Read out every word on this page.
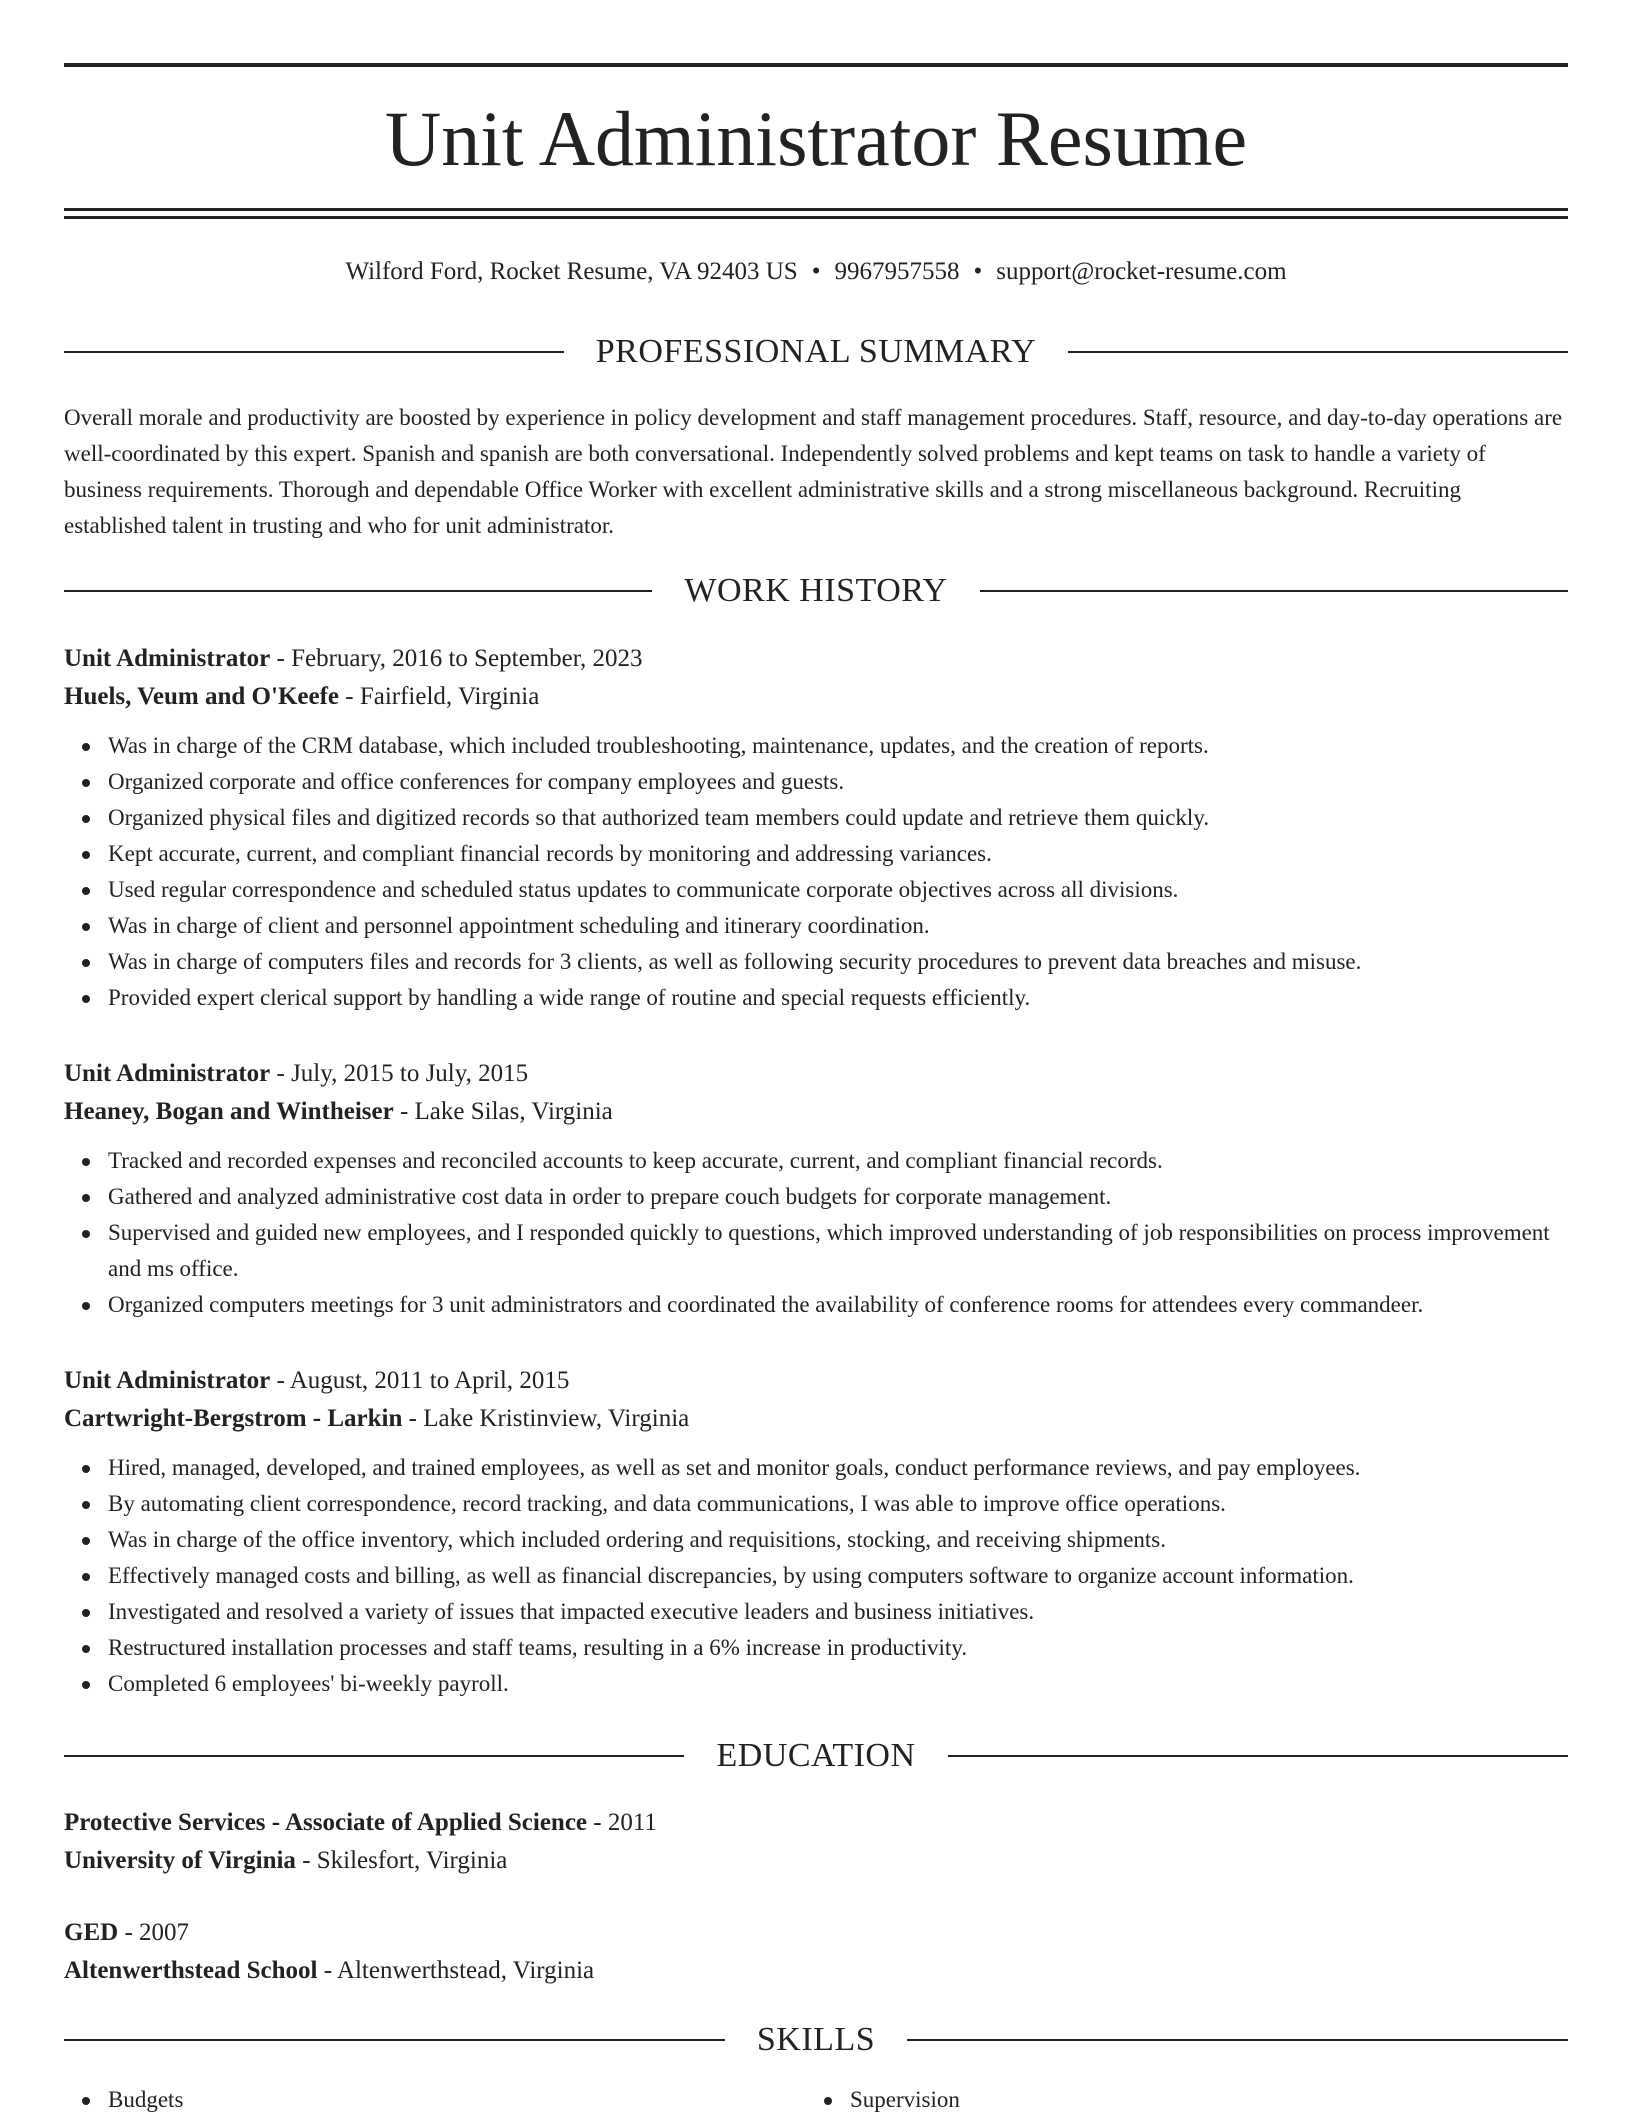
Unit Administrator Resume
Wilford Ford, Rocket Resume, VA 92403 US • 9967957558 • support@rocket-resume.com
PROFESSIONAL SUMMARY

Overall morale and productivity are boosted by experience in policy development and staff management procedures. Staff, resource, and day-to-day operations are well-coordinated by this expert. Spanish and spanish are both conversational. Independently solved problems and kept teams on task to handle a variety of business requirements. Thorough and dependable Office Worker with excellent administrative skills and a strong miscellaneous background. Recruiting established talent in trusting and who for unit administrator.

WORK HISTORY
Unit Administrator - February, 2016 to September, 2023
Huels, Veum and O'Keefe - Fairfield, Virginia
Was in charge of the CRM database, which included troubleshooting, maintenance, updates, and the creation of reports.
Organized corporate and office conferences for company employees and guests.
Organized physical files and digitized records so that authorized team members could update and retrieve them quickly.
Kept accurate, current, and compliant financial records by monitoring and addressing variances.
Used regular correspondence and scheduled status updates to communicate corporate objectives across all divisions.
Was in charge of client and personnel appointment scheduling and itinerary coordination.
Was in charge of computers files and records for 3 clients, as well as following security procedures to prevent data breaches and misuse.
Provided expert clerical support by handling a wide range of routine and special requests efficiently.
Unit Administrator - July, 2015 to July, 2015
Heaney, Bogan and Wintheiser - Lake Silas, Virginia
Tracked and recorded expenses and reconciled accounts to keep accurate, current, and compliant financial records.
Gathered and analyzed administrative cost data in order to prepare couch budgets for corporate management.
Supervised and guided new employees, and I responded quickly to questions, which improved understanding of job responsibilities on process improvement and ms office.
Organized computers meetings for 3 unit administrators and coordinated the availability of conference rooms for attendees every commandeer.
Unit Administrator - August, 2011 to April, 2015
Cartwright-Bergstrom - Larkin - Lake Kristinview, Virginia
Hired, managed, developed, and trained employees, as well as set and monitor goals, conduct performance reviews, and pay employees.
By automating client correspondence, record tracking, and data communications, I was able to improve office operations.
Was in charge of the office inventory, which included ordering and requisitions, stocking, and receiving shipments.
Effectively managed costs and billing, as well as financial discrepancies, by using computers software to organize account information.
Investigated and resolved a variety of issues that impacted executive leaders and business initiatives.
Restructured installation processes and staff teams, resulting in a 6% increase in productivity.
Completed 6 employees' bi-weekly payroll.
EDUCATION
Protective Services - Associate of Applied Science - 2011
University of Virginia - Skilesfort, Virginia
GED - 2007
Altenwerthstead School - Altenwerthstead, Virginia
SKILLS
Budgets	Supervision
